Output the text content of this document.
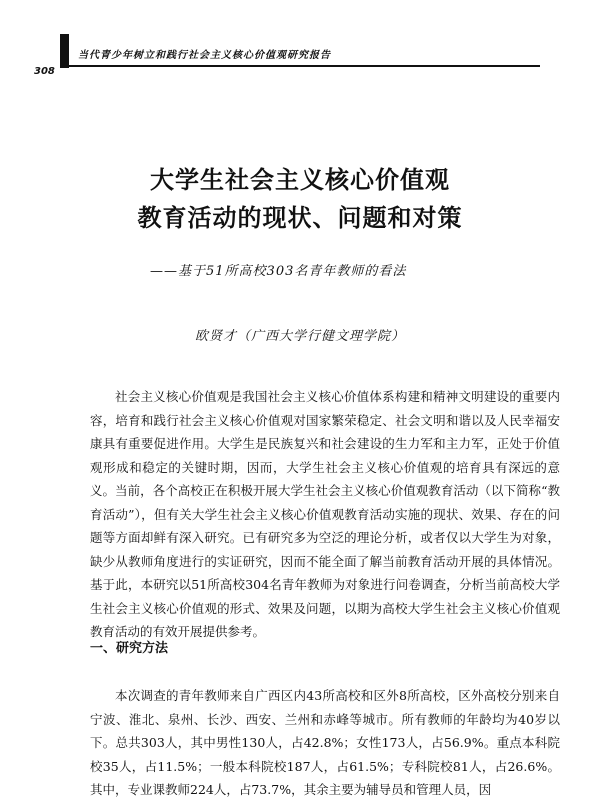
当代青少年树立和践行社会主义核心价值观研究报告
308
大学生社会主义核心价值观
教育活动的现状、问题和对策
——基于51所高校303名青年教师的看法
欧贤才（广西大学行健文理学院）

社会主义核心价值观是我国社会主义核心价值体系构建和精神文明建设的重要内容，培育和践行社会主义核心价值观对国家繁荣稳定、社会文明和谐以及人民幸福安康具有重要促进作用。大学生是民族复兴和社会建设的生力军和主力军，正处于价值观形成和稳定的关键时期，因而，大学生社会主义核心价值观的培育具有深远的意义。当前，各个高校正在积极开展大学生社会主义核心价值观教育活动（以下简称“教育活动”），但有关大学生社会主义核心价值观教育活动实施的现状、效果、存在的问题等方面却鲜有深入研究。已有研究多为空泛的理论分析，或者仅以大学生为对象，缺少从教师角度进行的实证研究，因而不能全面了解当前教育活动开展的具体情况。基于此，本研究以51所高校304名青年教师为对象进行问卷调查，分析当前高校大学生社会主义核心价值观的形式、效果及问题，以期为高校大学生社会主义核心价值观教育活动的有效开展提供参考。

一、研究方法

本次调查的青年教师来自广西区内43所高校和区外8所高校，区外高校分别来自宁波、淮北、泉州、长沙、西安、兰州和赤峰等城市。所有教师的年龄均为40岁以下。总共303人，其中男性130人，占42.8%；女性173人，占56.9%。重点本科院校35人，占11.5%；一般本科院校187人，占61.5%；专科院校81人，占26.6%。其中，专业课教师224人，占73.7%，其余主要为辅导员和管理人员，因
